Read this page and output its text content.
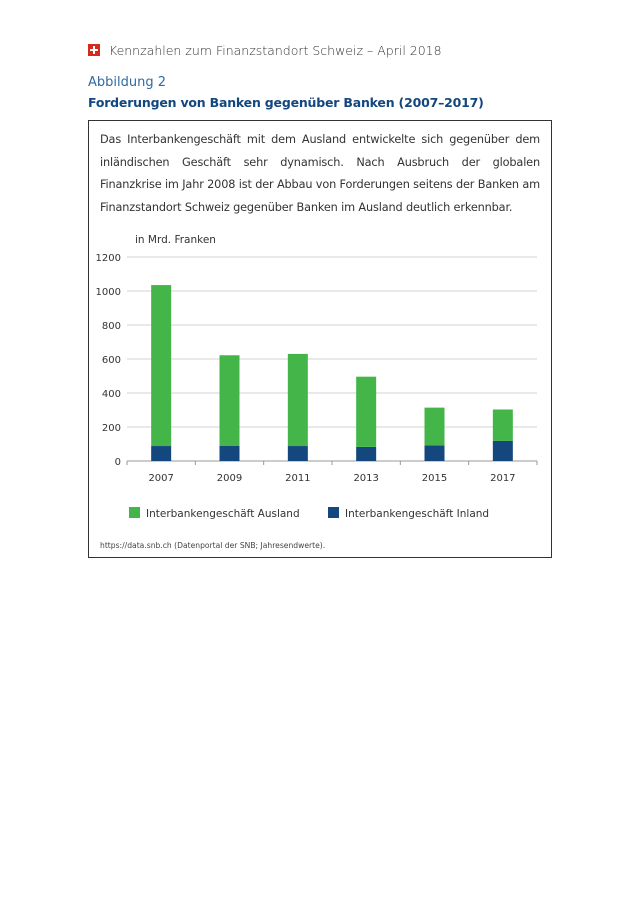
Kennzahlen zum Finanzstandort Schweiz – April 2018
Abbildung 2
Forderungen von Banken gegenüber Banken (2007–2017)

Das Interbankengeschäft mit dem Ausland entwickelte sich gegenüber dem inländischen Geschäft sehr dynamisch. Nach Ausbruch der globalen Finanzkrise im Jahr 2008 ist der Abbau von Forderungen seitens der Banken am Finanzstandort Schweiz gegenüber Banken im Ausland deutlich erkennbar.

in Mrd. Franken
0
200
400
600
800
1000
1200
2007	2009	2011	2013	2015	2017
Interbankengeschäft Ausland	Interbankengeschäft Inland
https://data.snb.ch (Datenportal der SNB; Jahresendwerte).
